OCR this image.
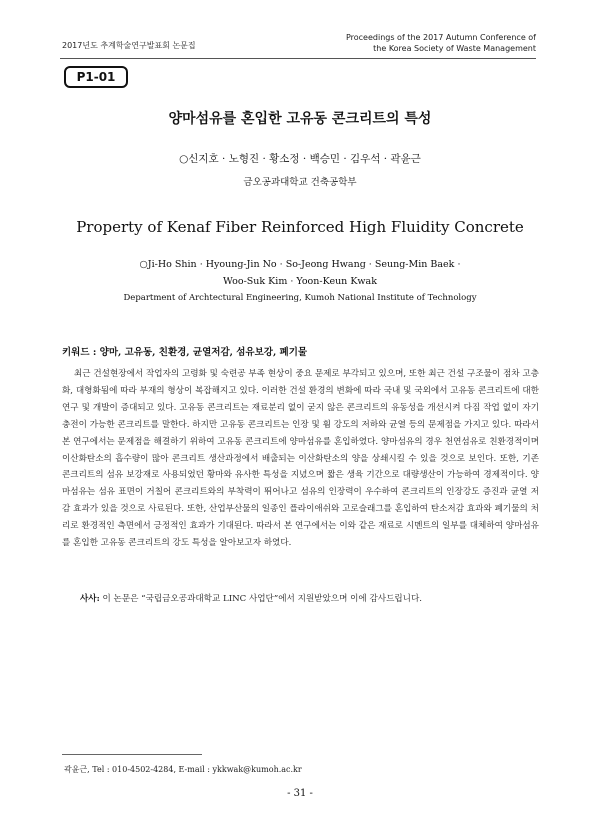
2017년도 추계학술연구발표회 논문집
Proceedings of the 2017 Autumn Conference of
the Korea Society of Waste Management
P1-01
양마섬유를 혼입한 고유동 콘크리트의 특성
○신지호 · 노형진 · 황소정 · 백승민 · 김우석 · 곽윤근
금오공과대학교 건축공학부
Property of Kenaf Fiber Reinforced High Fluidity Concrete
○Ji-Ho Shin · Hyoung-Jin No · So-Jeong Hwang · Seung-Min Baek ·
Woo-Suk Kim · Yoon-Keun Kwak
Department of Archtectural Engineering, Kumoh National Institute of Technology
키워드 : 양마, 고유동, 친환경, 균열저감, 섬유보강, 폐기물

최근 건설현장에서 작업자의 고령화 및 숙련공 부족 현상이 중요 문제로 부각되고 있으며, 또한 최근 건설 구조물이 점차 고층화, 대형화됨에 따라 부재의 형상이 복잡해지고 있다. 이러한 건설 환경의 변화에 따라 국내 및 국외에서 고유동 콘크리트에 대한 연구 및 개발이 증대되고 있다. 고유동 콘크리트는 재료분리 없이 굳지 않은 콘크리트의 유동성을 개선시켜 다짐 작업 없이 자기 충전이 가능한 콘크리트를 말한다. 하지만 고유동 콘크리트는 인장 및 휨 강도의 저하와 균열 등의 문제점을 가지고 있다. 따라서 본 연구에서는 문제점을 해결하기 위하여 고유동 콘크리트에 양마섬유를 혼입하였다. 양마섬유의 경우 천연섬유로 친환경적이며 이산화탄소의 흡수량이 많아 콘크리트 생산과정에서 배출되는 이산화탄소의 양을 상쇄시킬 수 있을 것으로 보인다. 또한, 기존 콘크리트의 섬유 보강재로 사용되었던 황마와 유사한 특성을 지녔으며 짧은 생육 기간으로 대량생산이 가능하여 경제적이다. 양마섬유는 섬유 표면이 거칠어 콘크리트와의 부착력이 뛰어나고 섬유의 인장력이 우수하여 콘크리트의 인장강도 증진과 균열 저감 효과가 있을 것으로 사료된다. 또한, 산업부산물의 일종인 플라이애쉬와 고로슬래그를 혼입하여 탄소저감 효과와 폐기물의 처리로 환경적인 측면에서 긍정적인 효과가 기대된다. 따라서 본 연구에서는 이와 같은 재료로 시멘트의 일부를 대체하여 양마섬유를 혼입한 고유동 콘크리트의 강도 특성을 알아보고자 하였다.

사사: 이 논문은 “국립금오공과대학교 LINC 사업단”에서 지원받았으며 이에 감사드립니다.
곽윤근, Tel : 010-4502-4284, E-mail : ykkwak@kumoh.ac.kr
- 31 -
